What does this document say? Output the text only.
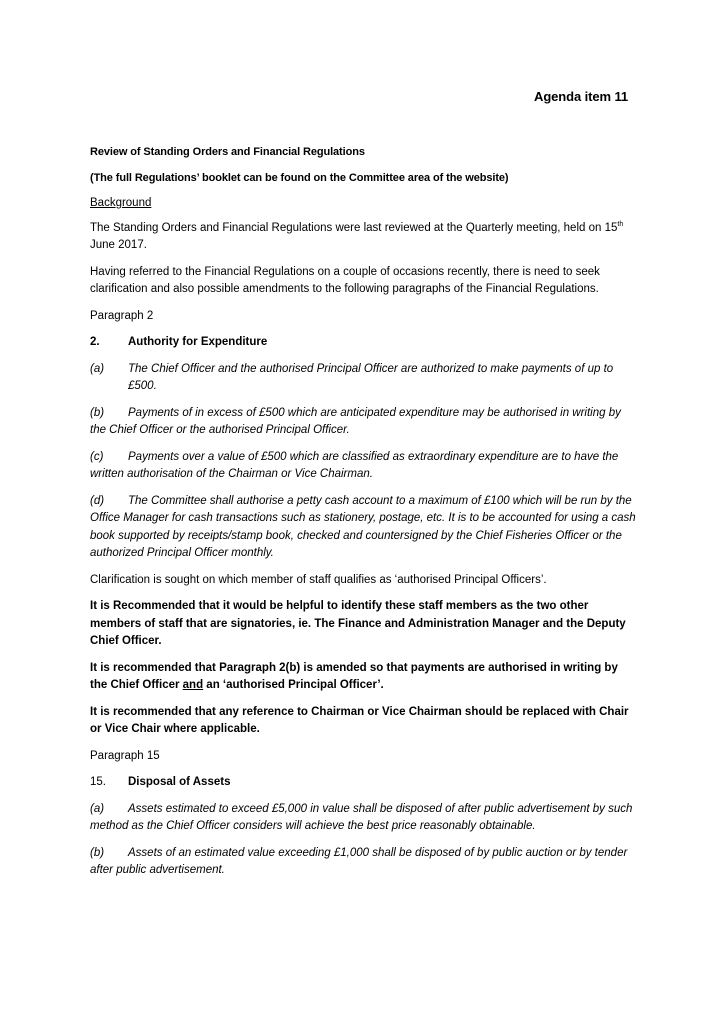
Agenda item 11

Review of Standing Orders and Financial Regulations

(The full Regulations’ booklet can be found on the Committee area of the website)

Background

The Standing Orders and Financial Regulations were last reviewed at the Quarterly meeting, held on 15th June 2017.

Having referred to the Financial Regulations on a couple of occasions recently, there is need to seek clarification and also possible amendments to the following paragraphs of the Financial Regulations.

Paragraph 2

2.	Authority for Expenditure
(a)	The Chief Officer and the authorised Principal Officer are authorized to make payments of up to £500.

(b) Payments of in excess of £500 which are anticipated expenditure may be authorised in writing by the Chief Officer or the authorised Principal Officer.

(c) Payments over a value of £500 which are classified as extraordinary expenditure are to have the written authorisation of the Chairman or Vice Chairman.

(d) The Committee shall authorise a petty cash account to a maximum of £100 which will be run by the Office Manager for cash transactions such as stationery, postage, etc. It is to be accounted for using a cash book supported by receipts/stamp book, checked and countersigned by the Chief Fisheries Officer or the authorized Principal Officer monthly.

Clarification is sought on which member of staff qualifies as ‘authorised Principal Officers’.

It is Recommended that it would be helpful to identify these staff members as the two other members of staff that are signatories, ie. The Finance and Administration Manager and the Deputy Chief Officer.

It is recommended that Paragraph 2(b) is amended so that payments are authorised in writing by the Chief Officer and an ‘authorised Principal Officer’.

It is recommended that any reference to Chairman or Vice Chairman should be replaced with Chair or Vice Chair where applicable.

Paragraph 15

15.	Disposal of Assets

(a) Assets estimated to exceed £5,000 in value shall be disposed of after public advertisement by such method as the Chief Officer considers will achieve the best price reasonably obtainable.

(b) Assets of an estimated value exceeding £1,000 shall be disposed of by public auction or by tender after public advertisement.
